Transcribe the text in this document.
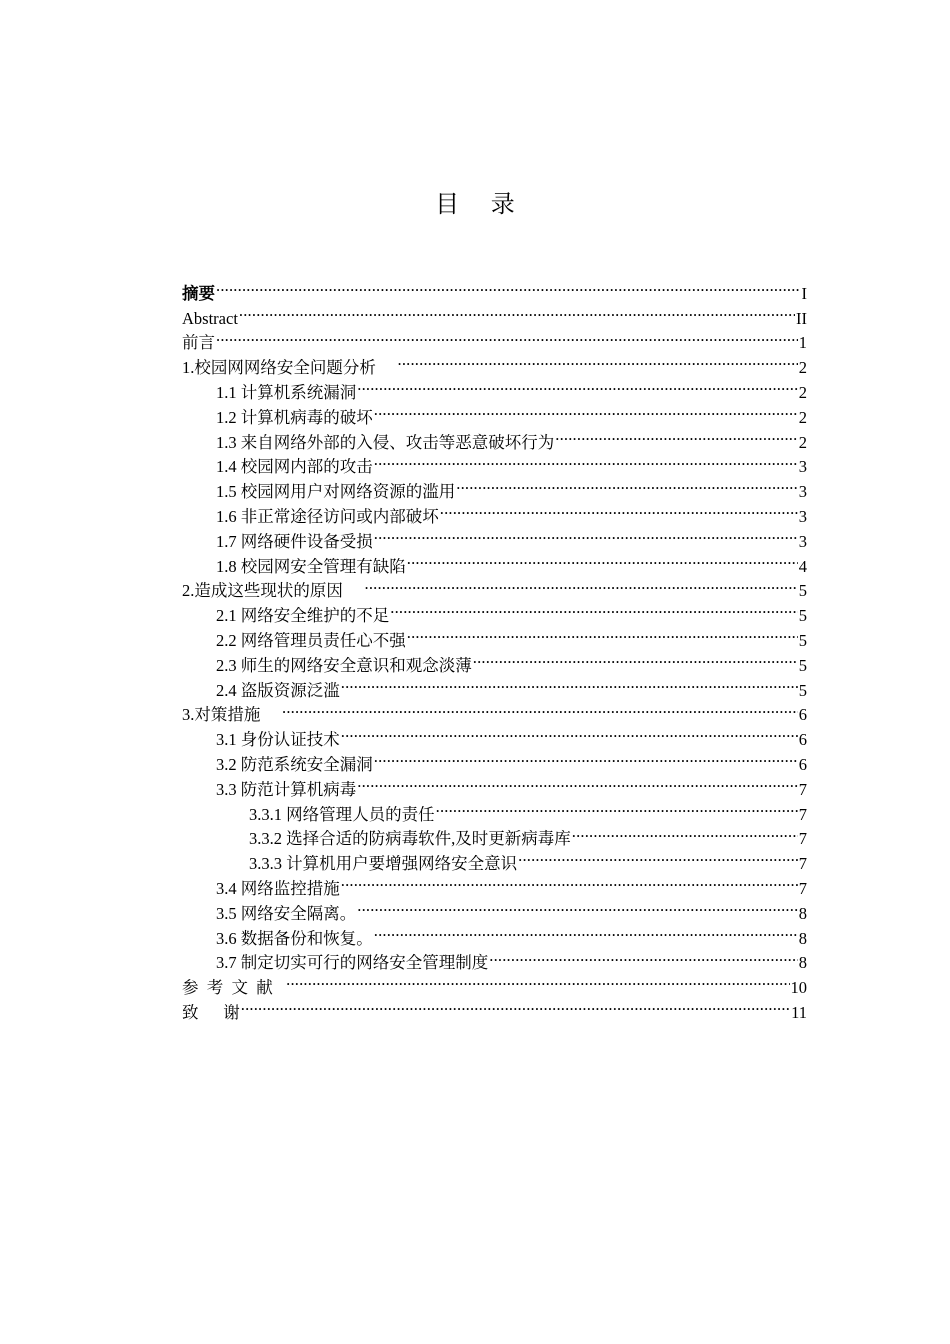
目 录
摘要 .....	I
Abstract .....	II
前言 .....	1
1.校园网网络安全问题分析 .....	2
1.1 计算机系统漏洞 .....	2
1.2 计算机病毒的破坏 .....	2
1.3 来自网络外部的入侵、攻击等恶意破坏行为 .....	2
1.4 校园网内部的攻击 .....	3
1.5 校园网用户对网络资源的滥用 .....	3
1.6 非正常途径访问或内部破坏 .....	3
1.7 网络硬件设备受损 .....	3
1.8 校园网安全管理有缺陷 .....	4
2.造成这些现状的原因 .....	5
2.1 网络安全维护的不足 .....	5
2.2 网络管理员责任心不强 .....	5
2.3 师生的网络安全意识和观念淡薄 .....	5
2.4 盗版资源泛滥 .....	5
3.对策措施 .....	6
3.1 身份认证技术 .....	6
3.2 防范系统安全漏洞 .....	6
3.3 防范计算机病毒 .....	7
3.3.1 网络管理人员的责任 .....	7
3.3.2 选择合适的防病毒软件,及时更新病毒库 .....	7
3.3.3 计算机用户要增强网络安全意识 .....	7
3.4 网络监控措施 .....	7
3.5 网络安全隔离。 .....	8
3.6 数据备份和恢复。 .....	8
3.7 制定切实可行的网络安全管理制度 .....	8
参  考  文  献 .....	10
致      谢 .....	11
